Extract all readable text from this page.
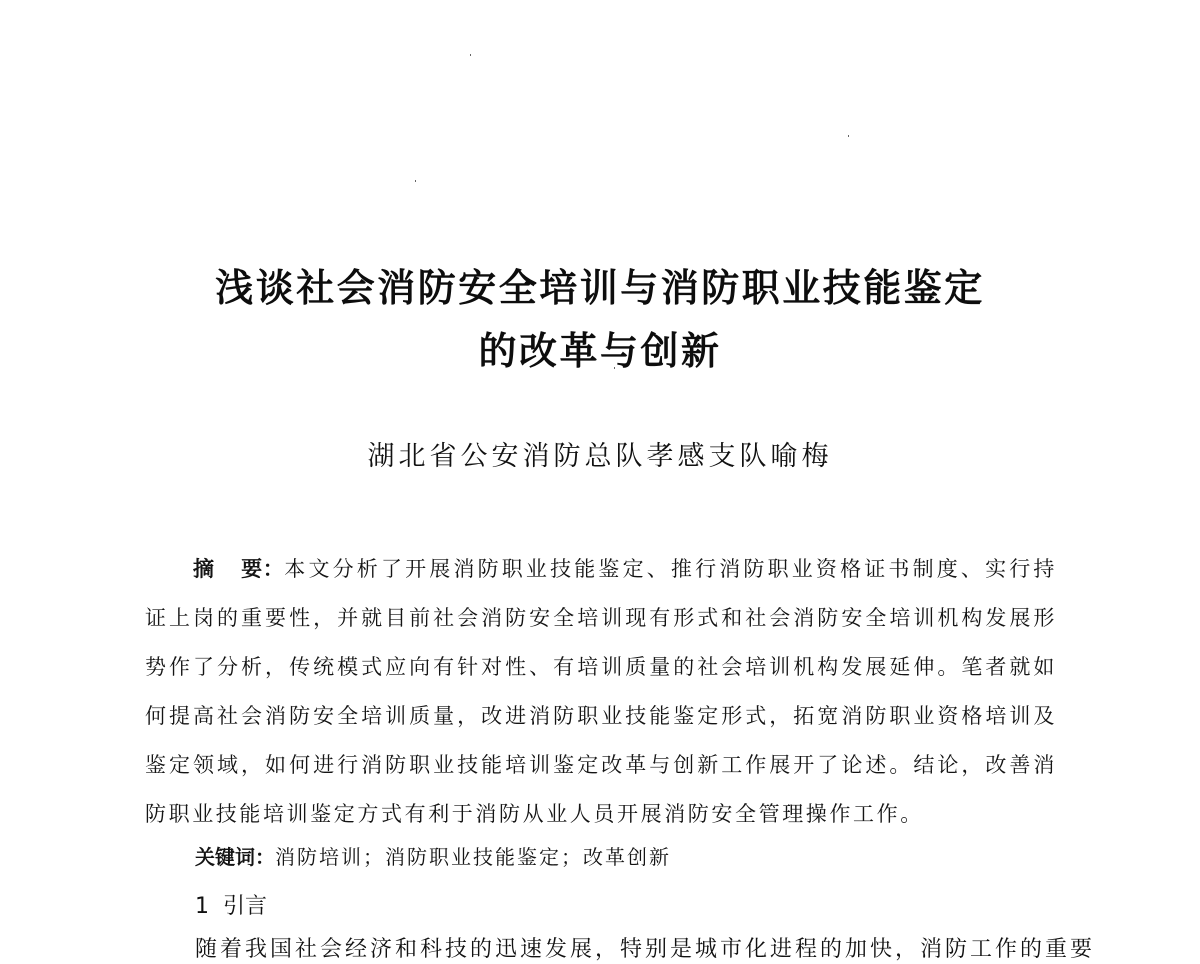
浅谈社会消防安全培训与消防职业技能鉴定
的改革与创新
湖北省公安消防总队孝感支队喻梅

摘 要：本文分析了开展消防职业技能鉴定、推行消防职业资格证书制度、实行持证上岗的重要性，并就目前社会消防安全培训现有形式和社会消防安全培训机构发展形势作了分析，传统模式应向有针对性、有培训质量的社会培训机构发展延伸。笔者就如何提高社会消防安全培训质量，改进消防职业技能鉴定形式，拓宽消防职业资格培训及鉴定领域，如何进行消防职业技能培训鉴定改革与创新工作展开了论述。结论，改善消防职业技能培训鉴定方式有利于消防从业人员开展消防安全管理操作工作。

关键词：消防培训；消防职业技能鉴定；改革创新
1 引言
随着我国社会经济和科技的迅速发展，特别是城市化进程的加快，消防工作的重要
